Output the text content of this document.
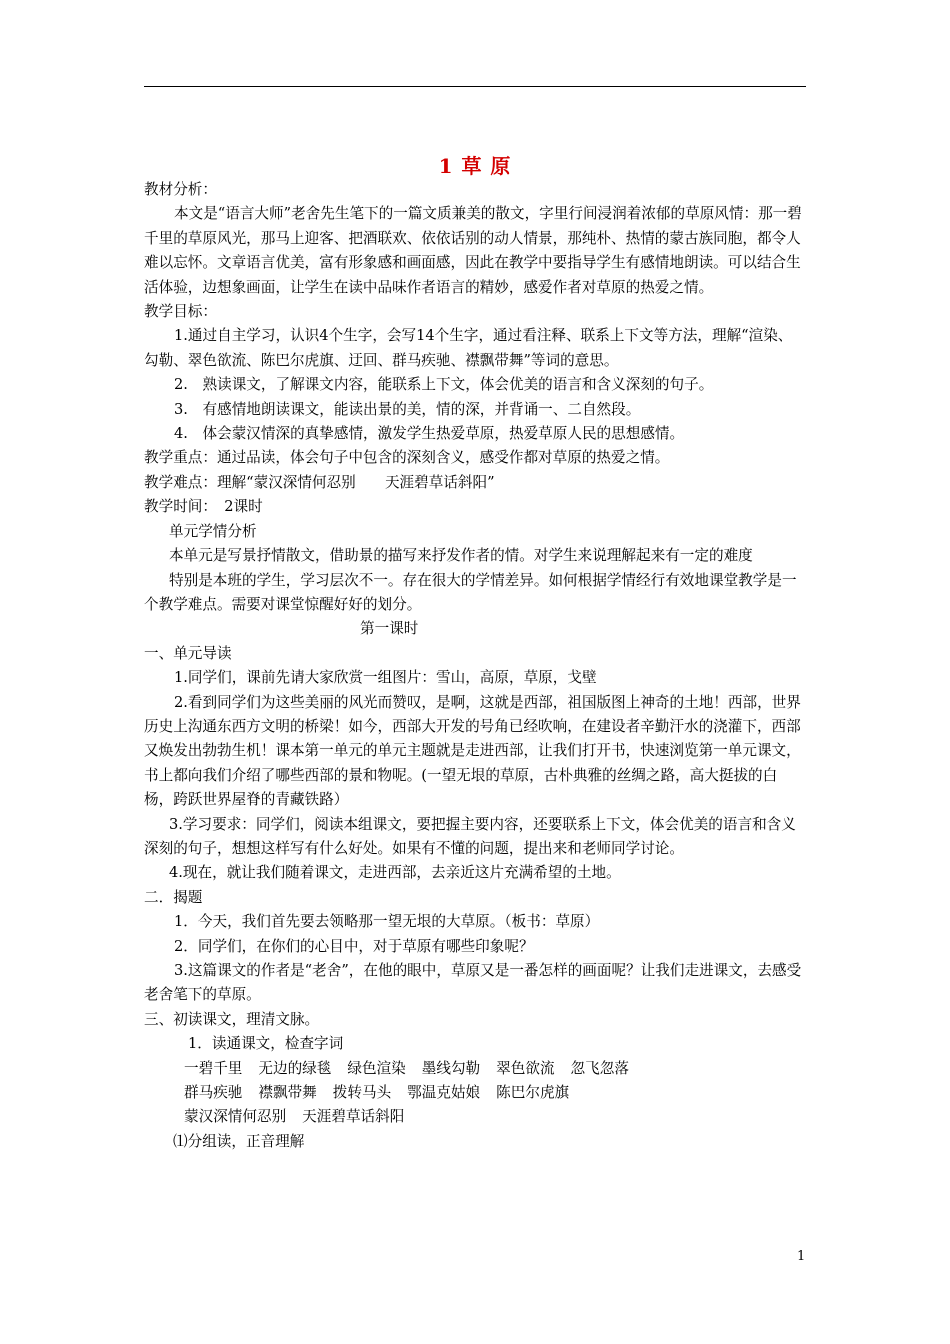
1 草 原

教材分析：

本文是“语言大师”老舍先生笔下的一篇文质兼美的散文，字里行间浸润着浓郁的草原风情：那一碧千里的草原风光，那马上迎客、把酒联欢、依依话别的动人情景，那纯朴、热情的蒙古族同胞，都令人难以忘怀。文章语言优美，富有形象感和画面感，因此在教学中要指导学生有感情地朗读。可以结合生活体验，边想象画面，让学生在读中品味作者语言的精妙，感爱作者对草原的热爱之情。

教学目标：

1.通过自主学习，认识4个生字，会写14个生字，通过看注释、联系上下文等方法，理解“渲染、勾勒、翠色欲流、陈巴尔虎旗、迂回、群马疾驰、襟飘带舞”等词的意思。

2.　熟读课文，了解课文内容，能联系上下文，体会优美的语言和含义深刻的句子。

3.　有感情地朗读课文，能读出景的美，情的深，并背诵一、二自然段。

4.　体会蒙汉情深的真挚感情，激发学生热爱草原，热爱草原人民的思想感情。

教学重点：通过品读，体会句子中包含的深刻含义，感受作都对草原的热爱之情。

教学难点：理解“蒙汉深情何忍别　　天涯碧草话斜阳”

教学时间：　2课时

单元学情分析

本单元是写景抒情散文，借助景的描写来抒发作者的情。对学生来说理解起来有一定的难度

特别是本班的学生，学习层次不一。存在很大的学情差异。如何根据学情经行有效地课堂教学是一个教学难点。需要对课堂惊醒好好的划分。

第一课时

一、单元导读

1.同学们，课前先请大家欣赏一组图片：雪山，高原，草原，戈壁

2.看到同学们为这些美丽的风光而赞叹，是啊，这就是西部，祖国版图上神奇的土地！西部，世界历史上沟通东西方文明的桥梁！如今，西部大开发的号角已经吹响，在建设者辛勤汗水的浇灌下，西部又焕发出勃勃生机！课本第一单元的单元主题就是走进西部，让我们打开书，快速浏览第一单元课文，书上都向我们介绍了哪些西部的景和物呢。(一望无垠的草原，古朴典雅的丝绸之路，高大挺拔的白杨，跨跃世界屋脊的青藏铁路）

3.学习要求：同学们，阅读本组课文，要把握主要内容，还要联系上下文，体会优美的语言和含义深刻的句子，想想这样写有什么好处。如果有不懂的问题，提出来和老师同学讨论。

4.现在，就让我们随着课文，走进西部，去亲近这片充满希望的土地。

二．揭题

1．今天，我们首先要去领略那一望无垠的大草原。（板书：草原）

2．同学们，在你们的心目中，对于草原有哪些印象呢？

3.这篇课文的作者是“老舍”，在他的眼中，草原又是一番怎样的画面呢？让我们走进课文，去感受老舍笔下的草原。

三、初读课文，理清文脉。

1．读通课文，检查字词

一碧千里 无边的绿毯 绿色渲染 墨线勾勒 翠色欲流 忽飞忽落

群马疾驰 襟飘带舞 拨转马头 鄂温克姑娘 陈巴尔虎旗

蒙汉深情何忍别 天涯碧草话斜阳

⑴分组读，正音理解

1
